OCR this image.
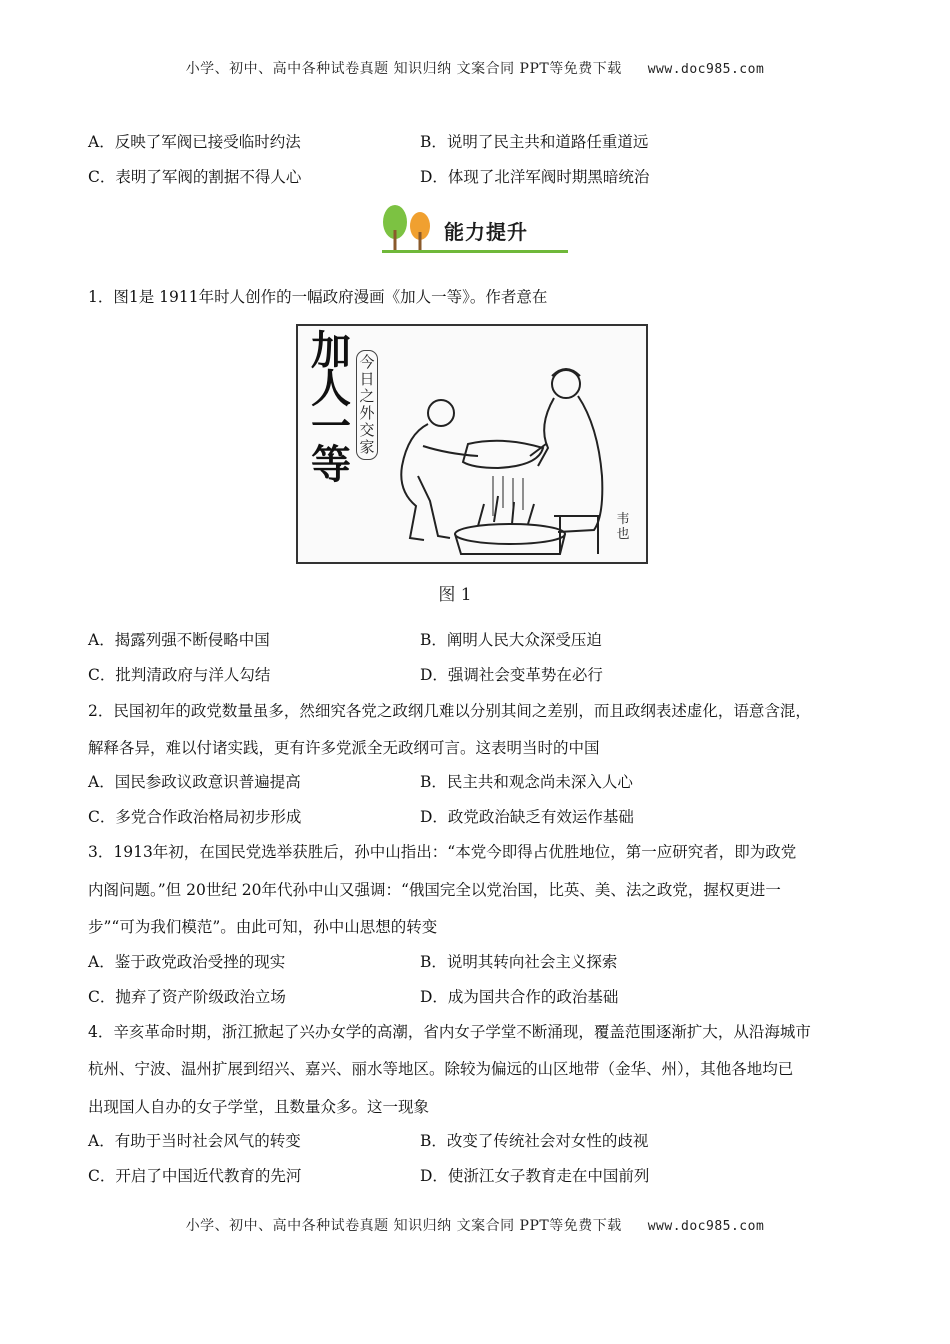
小学、初中、高中各种试卷真题 知识归纳 文案合同 PPT等免费下载 www.doc985.com
A．反映了军阀已接受临时约法	B．说明了民主共和道路任重道远
C．表明了军阀的割据不得人心	D．体现了北洋军阀时期黑暗统治
能力提升
1．图1是 1911年时人创作的一幅政府漫画《加人一等》。作者意在
加人一等
今日之外交家
韦也
图 1
A．揭露列强不断侵略中国	B．阐明人民大众深受压迫
C．批判清政府与洋人勾结	D．强调社会变革势在必行
2．民国初年的政党数量虽多，然细究各党之政纲几难以分别其间之差别，而且政纲表述虚化，语意含混，
解释各异，难以付诸实践，更有许多党派全无政纲可言。这表明当时的中国
A．国民参政议政意识普遍提高	B．民主共和观念尚未深入人心
C．多党合作政治格局初步形成	D．政党政治缺乏有效运作基础
3．1913年初，在国民党选举获胜后，孙中山指出：“本党今即得占优胜地位，第一应研究者，即为政党
内阁问题。”但 20世纪 20年代孙中山又强调：“俄国完全以党治国，比英、美、法之政党，握权更进一
步”“可为我们模范”。由此可知，孙中山思想的转变
A．鉴于政党政治受挫的现实	B．说明其转向社会主义探索
C．抛弃了资产阶级政治立场	D．成为国共合作的政治基础
4．辛亥革命时期，浙江掀起了兴办女学的高潮，省内女子学堂不断涌现，覆盖范围逐渐扩大，从沿海城市
杭州、宁波、温州扩展到绍兴、嘉兴、丽水等地区。除较为偏远的山区地带（金华、州），其他各地均已
出现国人自办的女子学堂，且数量众多。这一现象
A．有助于当时社会风气的转变	B．改变了传统社会对女性的歧视
C．开启了中国近代教育的先河	D．使浙江女子教育走在中国前列
小学、初中、高中各种试卷真题 知识归纳 文案合同 PPT等免费下载 www.doc985.com
